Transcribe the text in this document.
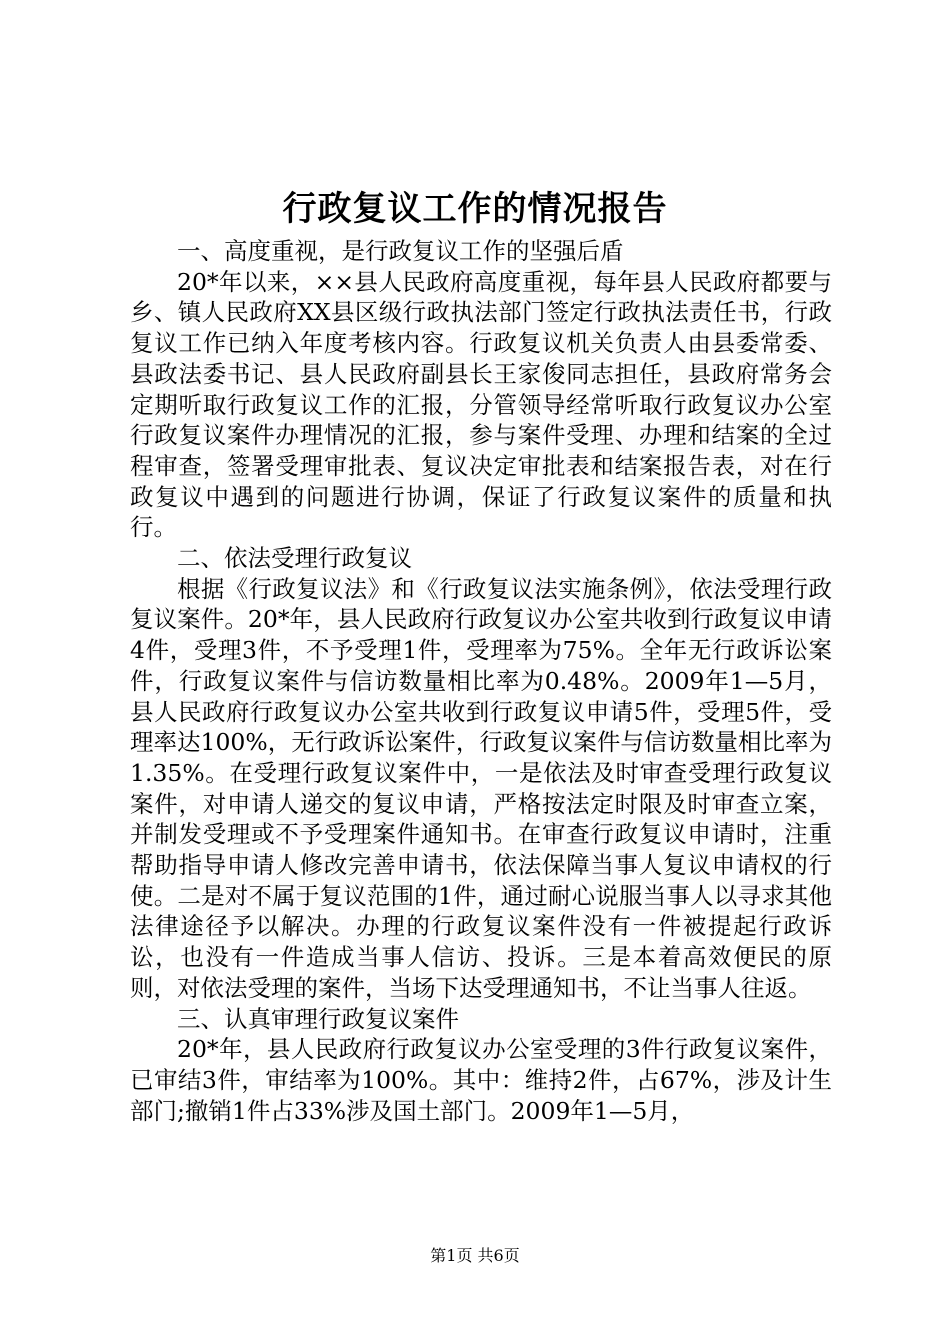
行政复议工作的情况报告

一、高度重视，是行政复议工作的坚强后盾

20*年以来，××县人民政府高度重视，每年县人民政府都要与乡、镇人民政府XX县区级行政执法部门签定行政执法责任书，行政复议工作已纳入年度考核内容。行政复议机关负责人由县委常委、县政法委书记、县人民政府副县长王家俊同志担任，县政府常务会定期听取行政复议工作的汇报，分管领导经常听取行政复议办公室行政复议案件办理情况的汇报，参与案件受理、办理和结案的全过程审查，签署受理审批表、复议决定审批表和结案报告表，对在行政复议中遇到的问题进行协调，保证了行政复议案件的质量和执行。

二、依法受理行政复议

根据《行政复议法》和《行政复议法实施条例》，依法受理行政复议案件。20*年，县人民政府行政复议办公室共收到行政复议申请4件，受理3件，不予受理1件，受理率为75%。全年无行政诉讼案件，行政复议案件与信访数量相比率为0.48%。2009年1—5月，县人民政府行政复议办公室共收到行政复议申请5件，受理5件，受理率达100%，无行政诉讼案件，行政复议案件与信访数量相比率为1.35%。在受理行政复议案件中，一是依法及时审查受理行政复议案件，对申请人递交的复议申请，严格按法定时限及时审查立案，并制发受理或不予受理案件通知书。在审查行政复议申请时，注重帮助指导申请人修改完善申请书，依法保障当事人复议申请权的行使。二是对不属于复议范围的1件，通过耐心说服当事人以寻求其他法律途径予以解决。办理的行政复议案件没有一件被提起行政诉讼，也没有一件造成当事人信访、投诉。三是本着高效便民的原则，对依法受理的案件，当场下达受理通知书，不让当事人往返。

三、认真审理行政复议案件

20*年，县人民政府行政复议办公室受理的3件行政复议案件，已审结3件，审结率为100%。其中：维持2件，占67%，涉及计生部门;撤销1件占33%涉及国土部门。2009年1—5月，

第1页 共6页
